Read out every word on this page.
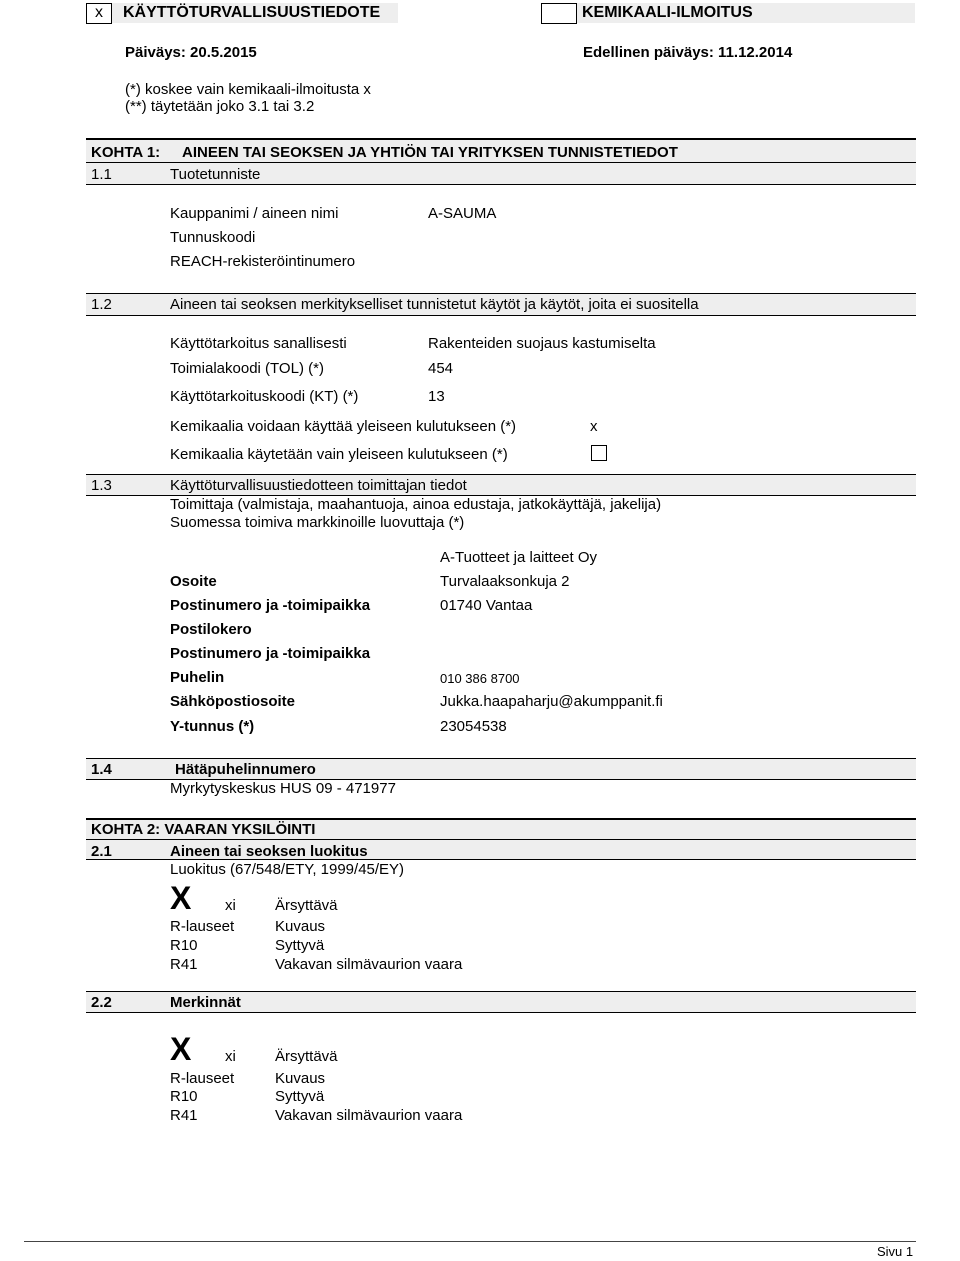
x	KÄYTTÖTURVALLISUUSTIEDOTE	KEMIKAALI-ILMOITUS
Päiväys: 20.5.2015	Edellinen päiväys: 11.12.2014
(*) koskee vain kemikaali-ilmoitusta x
(**) täytetään joko 3.1 tai 3.2
KOHTA 1: AINEEN TAI SEOKSEN JA YHTIÖN TAI YRITYKSEN TUNNISTETIEDOT
1.1	Tuotetunniste
Kauppanimi / aineen nimi	A-SAUMA
Tunnuskoodi
REACH-rekisteröintinumero
1.2	Aineen tai seoksen merkitykselliset tunnistetut käytöt ja käytöt, joita ei suositella
Käyttötarkoitus sanallisesti	Rakenteiden suojaus kastumiselta
Toimialakoodi (TOL) (*)	454
Käyttötarkoituskoodi (KT) (*)	13
Kemikaalia voidaan käyttää yleiseen kulutukseen (*)	x
Kemikaalia käytetään vain yleiseen kulutukseen (*)
1.3	Käyttöturvallisuustiedotteen toimittajan tiedot
Toimittaja (valmistaja, maahantuoja, ainoa edustaja, jatkokäyttäjä, jakelija)
Suomessa toimiva markkinoille luovuttaja (*)
A-Tuotteet ja laitteet Oy
Osoite	Turvalaaksonkuja 2
Postinumero ja -toimipaikka	01740 Vantaa
Postilokero
Postinumero ja -toimipaikka
Puhelin	010 386 8700
Sähköpostiosoite	Jukka.haapaharju@akumppanit.fi
Y-tunnus (*)	23054538
1.4	Hätäpuhelinnumero
Myrkytyskeskus HUS 09 - 471977
KOHTA 2: VAARAN YKSILÖINTI
2.1	Aineen tai seoksen luokitus
Luokitus (67/548/ETY, 1999/45/EY)
X xi	Ärsyttävä
R-lauseet	Kuvaus
R10	Syttyvä
R41	Vakavan silmävaurion vaara
2.2	Merkinnät
X xi	Ärsyttävä
R-lauseet	Kuvaus
R10	Syttyvä
R41	Vakavan silmävaurion vaara
Sivu 1
